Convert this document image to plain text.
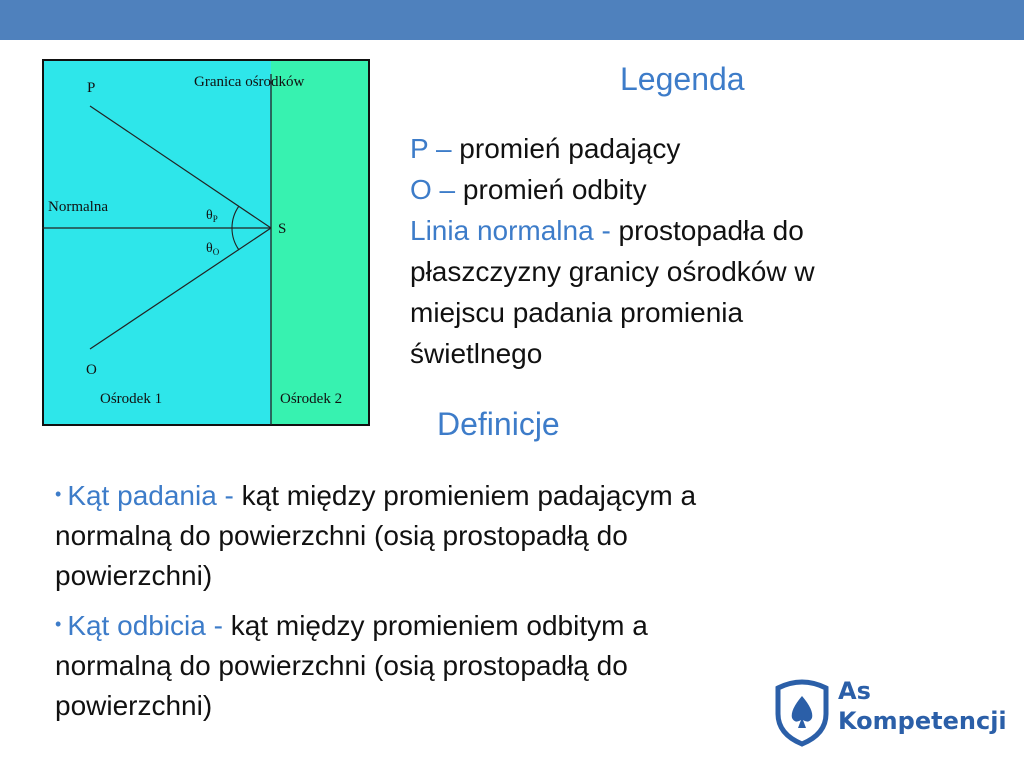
Granica ośrodków
P
Normalna
S
$\theta_P$
$\theta_O$
O
Ośrodek 1	Ośrodek 2
Legenda
P – promień padający
O – promień odbity
Linia normalna - prostopadła do
płaszczyzny granicy ośrodków w
miejscu padania promienia
świetlnego
Definicje

• Kąt padania - kąt między promieniem padającym a
normalną do powierzchni (osią prostopadłą do
powierzchni)

• Kąt odbicia - kąt między promieniem odbitym a
normalną do powierzchni (osią prostopadłą do
powierzchni)	As
Kompetencji
